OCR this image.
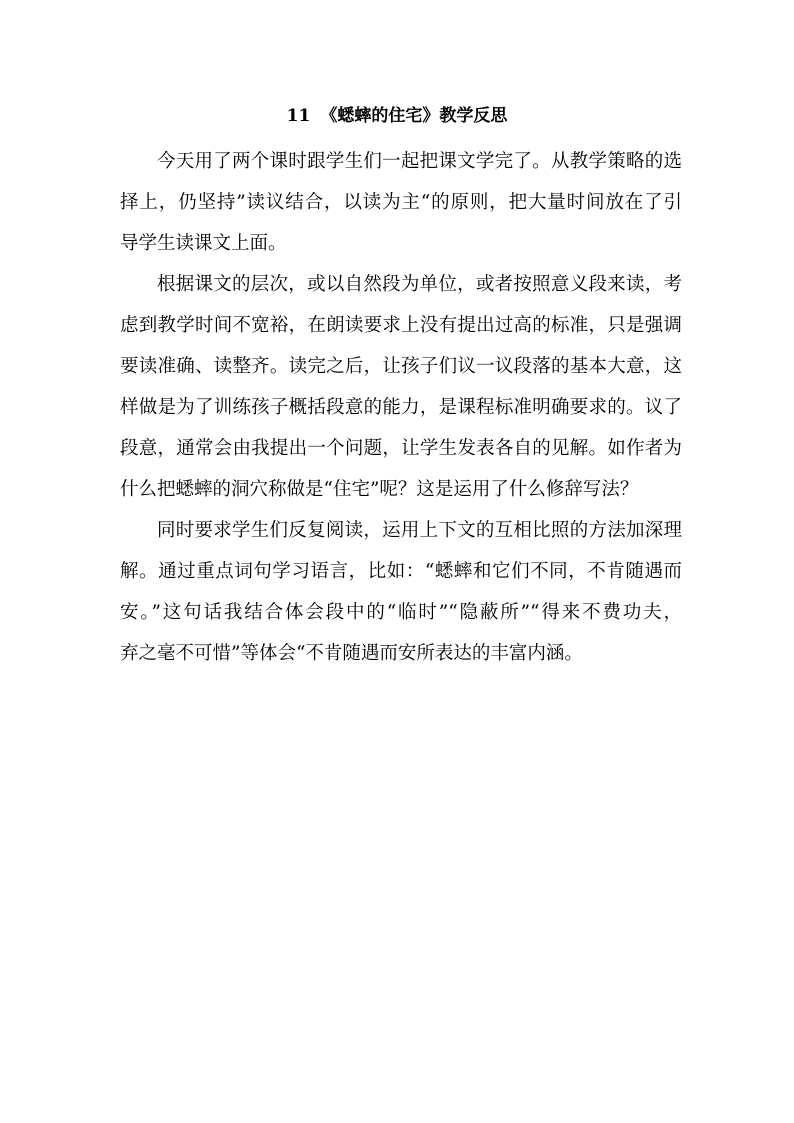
11 《蟋蟀的住宅》教学反思
今天用了两个课时跟学生们一起把课文学完了。从教学策略的选
择上，仍坚持”读议结合，以读为主“的原则，把大量时间放在了引
导学生读课文上面。
根据课文的层次，或以自然段为单位，或者按照意义段来读，考
虑到教学时间不宽裕，在朗读要求上没有提出过高的标准，只是强调
要读准确、读整齐。读完之后，让孩子们议一议段落的基本大意，这
样做是为了训练孩子概括段意的能力，是课程标准明确要求的。议了
段意，通常会由我提出一个问题，让学生发表各自的见解。如作者为
什么把蟋蟀的洞穴称做是“住宅”呢？这是运用了什么修辞写法？
同时要求学生们反复阅读，运用上下文的互相比照的方法加深理
解。通过重点词句学习语言，比如：“蟋蟀和它们不同，不肯随遇而
安。”这句话我结合体会段中的“临时”“隐蔽所”“得来不费功夫，
弃之毫不可惜”等体会“不肯随遇而安所表达的丰富内涵。
